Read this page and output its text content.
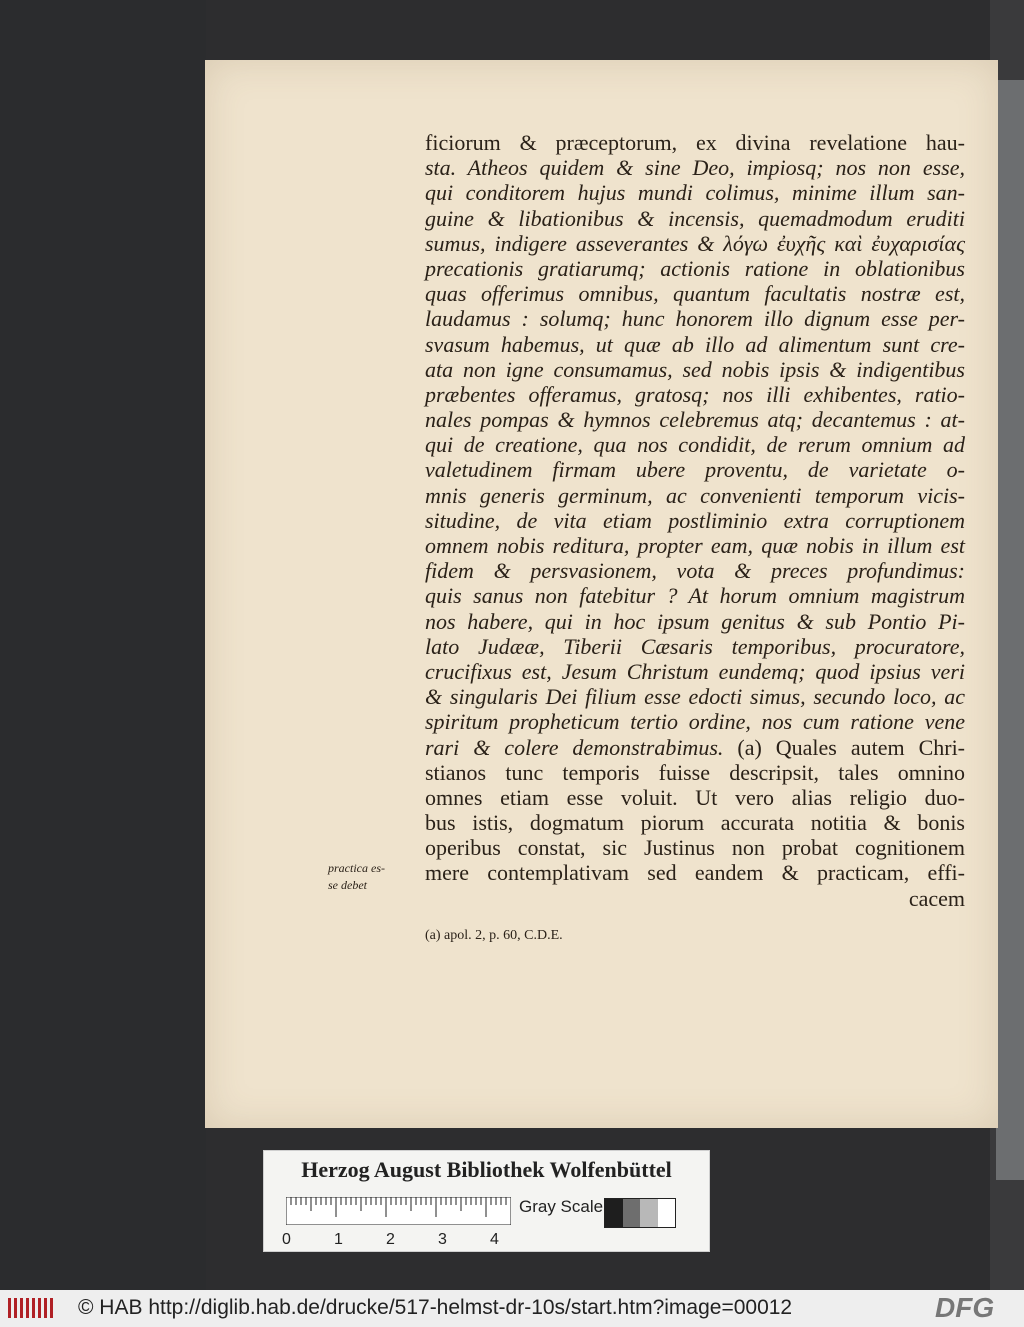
ficiorum & præceptorum, ex divina revelatione hau-
sta. Atheos quidem & sine Deo, impiosq; nos non esse,
qui conditorem hujus mundi colimus, minime illum san-
guine & libationibus & incensis, quemadmodum eruditi
sumus, indigere asseverantes & λόγω ἐυχῆς καὶ ἐυχαρισίας
precationis gratiarumq; actionis ratione in oblationibus
quas offerimus omnibus, quantum facultatis nostræ est,
laudamus : solumq; hunc honorem illo dignum esse per-
svasum habemus, ut quæ ab illo ad alimentum sunt cre-
ata non igne consumamus, sed nobis ipsis & indigentibus
præbentes offeramus, gratosq; nos illi exhibentes, ratio-
nales pompas & hymnos celebremus atq; decantemus : at-
qui de creatione, qua nos condidit, de rerum omnium ad
valetudinem firmam ubere proventu, de varietate o-
mnis generis germinum, ac convenienti temporum vicis-
situdine, de vita etiam postliminio extra corruptionem
omnem nobis reditura, propter eam, quæ nobis in illum est
fidem & persvasionem, vota & preces profundimus:
quis sanus non fatebitur ? At horum omnium magistrum
nos habere, qui in hoc ipsum genitus & sub Pontio Pi-
lato Judææ, Tiberii Cæsaris temporibus, procuratore,
crucifixus est, Jesum Christum eundemq; quod ipsius veri
& singularis Dei filium esse edocti simus, secundo loco, ac
spiritum propheticum tertio ordine, nos cum ratione vene
rari & colere demonstrabimus. (a) Quales autem Chri-
stianos tunc temporis fuisse descripsit, tales omnino
omnes etiam esse voluit. Ut vero alias religio duo-
bus istis, dogmatum piorum accurata notitia & bonis
operibus constat, sic Justinus non probat cognitionem
mere contemplativam sed eandem & practicam, effi-
cacem
practica es-
se debet
(a) apol. 2, p. 60, C.D.E.
Herzog August Bibliothek Wolfenbüttel
Gray Scale
0	1	2	3	4
© HAB http://diglib.hab.de/drucke/517-helmst-dr-10s/start.htm?image=00012	DFG
